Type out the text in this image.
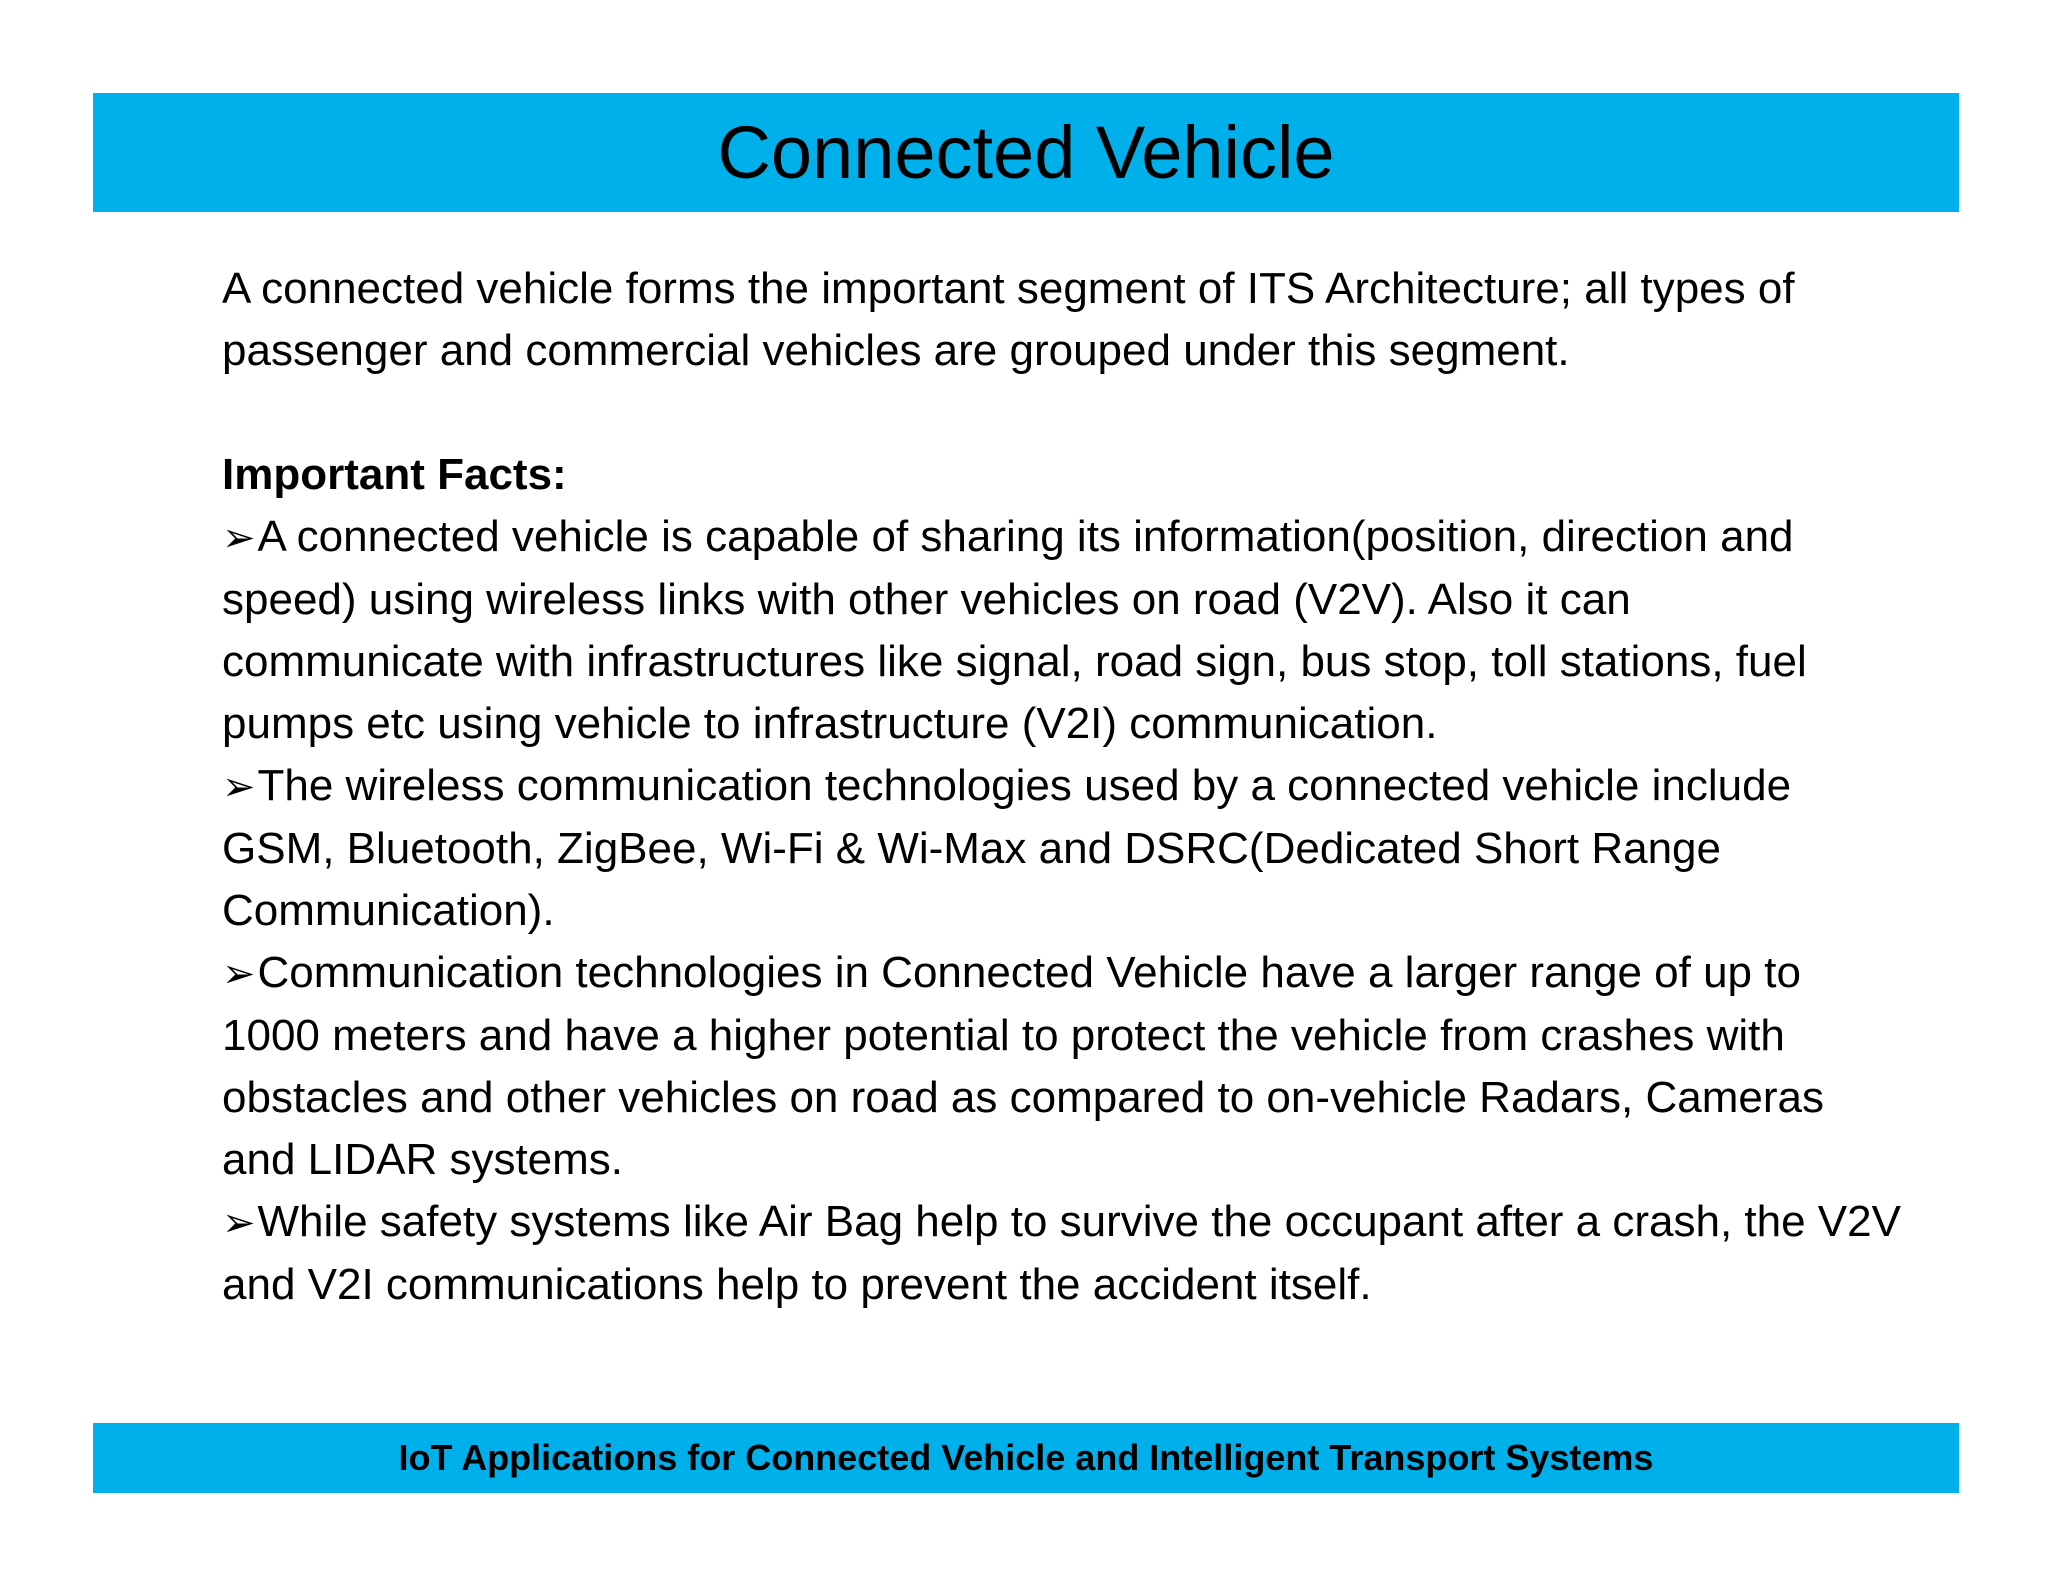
Connected Vehicle

A connected vehicle forms the important segment of ITS Architecture; all types of passenger and commercial vehicles are grouped under this segment.

Important Facts:

➢A connected vehicle is capable of sharing its information(position, direction and speed) using wireless links with other vehicles on road (V2V). Also it can communicate with infrastructures like signal, road sign, bus stop, toll stations, fuel pumps etc using vehicle to infrastructure (V2I) communication.

➢The wireless communication technologies used by a connected vehicle include GSM, Bluetooth, ZigBee, Wi-Fi & Wi-Max and DSRC(Dedicated Short Range Communication).

➢Communication technologies in Connected Vehicle have a larger range of up to 1000 meters and have a higher potential to protect the vehicle from crashes with obstacles and other vehicles on road as compared to on-vehicle Radars, Cameras and LIDAR systems.

➢While safety systems like Air Bag help to survive the occupant after a crash, the V2V and V2I communications help to prevent the accident itself.

IoT Applications for Connected Vehicle and Intelligent Transport Systems
